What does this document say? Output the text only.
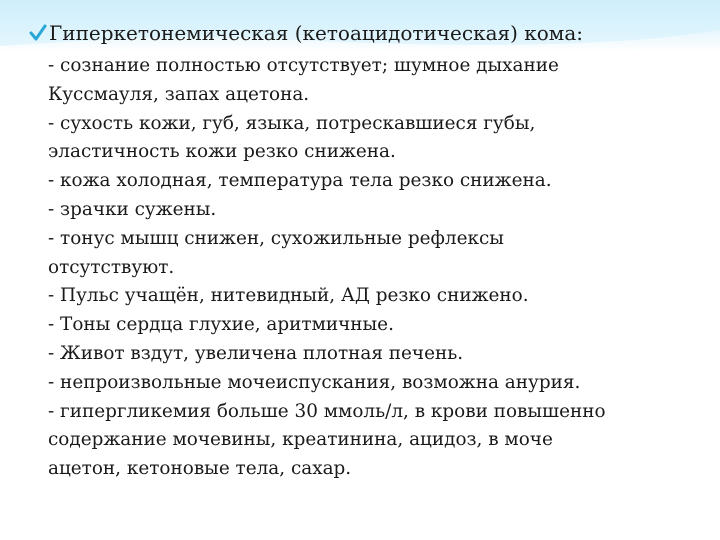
Гиперкетонемическая (кетоацидотическая) кома:
- сознание полностью отсутствует; шумное дыхание
Куссмауля, запах ацетона.
- сухость кожи, губ, языка, потрескавшиеся губы,
эластичность кожи резко снижена.
- кожа холодная, температура тела резко снижена.
- зрачки сужены.
- тонус мышц снижен, сухожильные рефлексы
отсутствуют.
- Пульс учащён, нитевидный, АД резко снижено.
- Тоны сердца глухие, аритмичные.
- Живот вздут, увеличена плотная печень.
- непроизвольные мочеиспускания, возможна анурия.
- гипергликемия больше 30 ммоль/л, в крови повышенно
содержание мочевины, креатинина, ацидоз, в моче
ацетон, кетоновые тела, сахар.
